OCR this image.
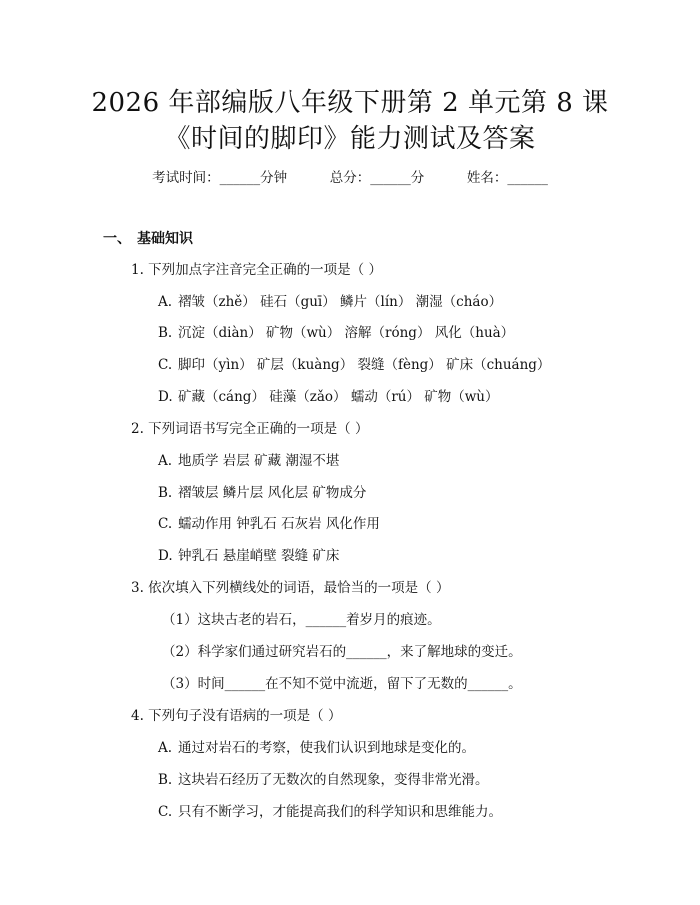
2026 年部编版八年级下册第 2 单元第 8 课
《时间的脚印》能力测试及答案
考试时间：______分钟	总分：______分	姓名：______
一、 基础知识
1. 下列加点字注音完全正确的一项是（ ）
A. 褶皱（zhě） 硅石（guī） 鳞片（lín） 潮湿（cháo）
B. 沉淀（diàn） 矿物（wù） 溶解（róng） 风化（huà）
C. 脚印（yìn） 矿层（kuàng） 裂缝（fèng） 矿床（chuáng）
D. 矿藏（cáng） 硅藻（zǎo） 蠕动（rú） 矿物（wù）
2. 下列词语书写完全正确的一项是（ ）
A. 地质学 岩层 矿藏 潮湿不堪
B. 褶皱层 鳞片层 风化层 矿物成分
C. 蠕动作用 钟乳石 石灰岩 风化作用
D. 钟乳石 悬崖峭壁 裂缝 矿床
3. 依次填入下列横线处的词语，最恰当的一项是（ ）
（1）这块古老的岩石，______着岁月的痕迹。
（2）科学家们通过研究岩石的______，来了解地球的变迁。
（3）时间______在不知不觉中流逝，留下了无数的______。
4. 下列句子没有语病的一项是（ ）
A. 通过对岩石的考察，使我们认识到地球是变化的。
B. 这块岩石经历了无数次的自然现象，变得非常光滑。
C. 只有不断学习，才能提高我们的科学知识和思维能力。
